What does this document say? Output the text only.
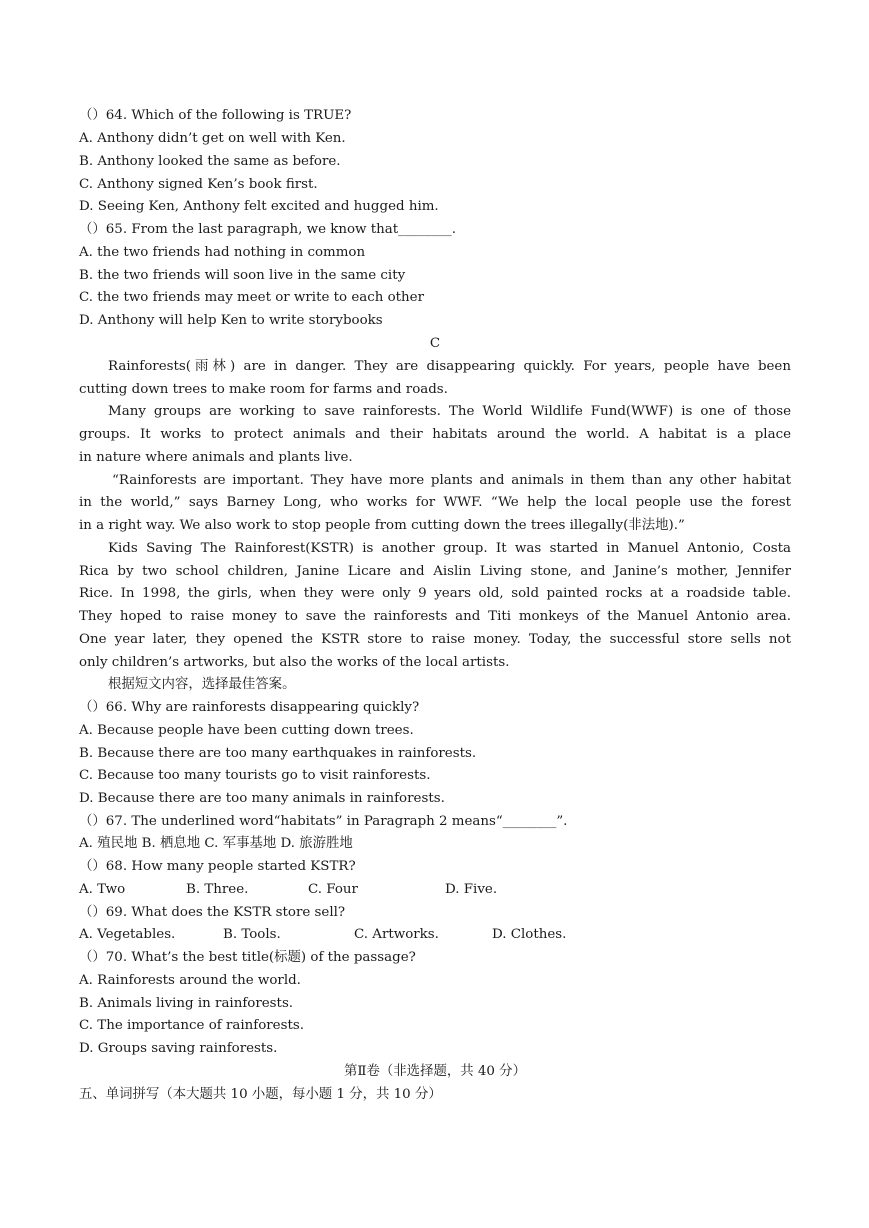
（）64. Which of the following is TRUE?
A. Anthony didn’t get on well with Ken.
B. Anthony looked the same as before.
C. Anthony signed Ken’s book first.
D. Seeing Ken, Anthony felt excited and hugged him.
（）65. From the last paragraph, we know that________.
A. the two friends had nothing in common
B. the two friends will soon live in the same city
C. the two friends may meet or write to each other
D. Anthony will help Ken to write storybooks
C
Rainforests(雨林) are in danger. They are disappearing quickly. For years, people have been
cutting down trees to make room for farms and roads.
Many groups are working to save rainforests. The World Wildlife Fund(WWF) is one of those
groups. It works to protect animals and their habitats around the world. A habitat is a place
in nature where animals and plants live.
“Rainforests are important. They have more plants and animals in them than any other habitat
in the world,” says Barney Long, who works for WWF. “We help the local people use the forest
in a right way. We also work to stop people from cutting down the trees illegally(非法地).”
Kids Saving The Rainforest(KSTR) is another group. It was started in Manuel Antonio, Costa
Rica by two school children, Janine Licare and Aislin Living stone, and Janine’s mother, Jennifer
Rice. In 1998, the girls, when they were only 9 years old, sold painted rocks at a roadside table.
They hoped to raise money to save the rainforests and Titi monkeys of the Manuel Antonio area.
One year later, they opened the KSTR store to raise money. Today, the successful store sells not
only children’s artworks, but also the works of the local artists.
根据短文内容，选择最佳答案。
（）66. Why are rainforests disappearing quickly?
A. Because people have been cutting down trees.
B. Because there are too many earthquakes in rainforests.
C. Because too many tourists go to visit rainforests.
D. Because there are too many animals in rainforests.
（）67. The underlined word“habitats” in Paragraph 2 means“________”.
A. 殖民地 B. 栖息地 C. 军事基地 D. 旅游胜地
（）68. How many people started KSTR?
A. Two	B. Three.	C. Four	D. Five.
（）69. What does the KSTR store sell?
A. Vegetables.	B. Tools.	C. Artworks.	D. Clothes.
（）70. What’s the best title(标题) of the passage?
A. Rainforests around the world.
B. Animals living in rainforests.
C. The importance of rainforests.
D. Groups saving rainforests.
第Ⅱ卷（非选择题，共 40 分）
五、单词拼写（本大题共 10 小题，每小题 1 分，共 10 分）
